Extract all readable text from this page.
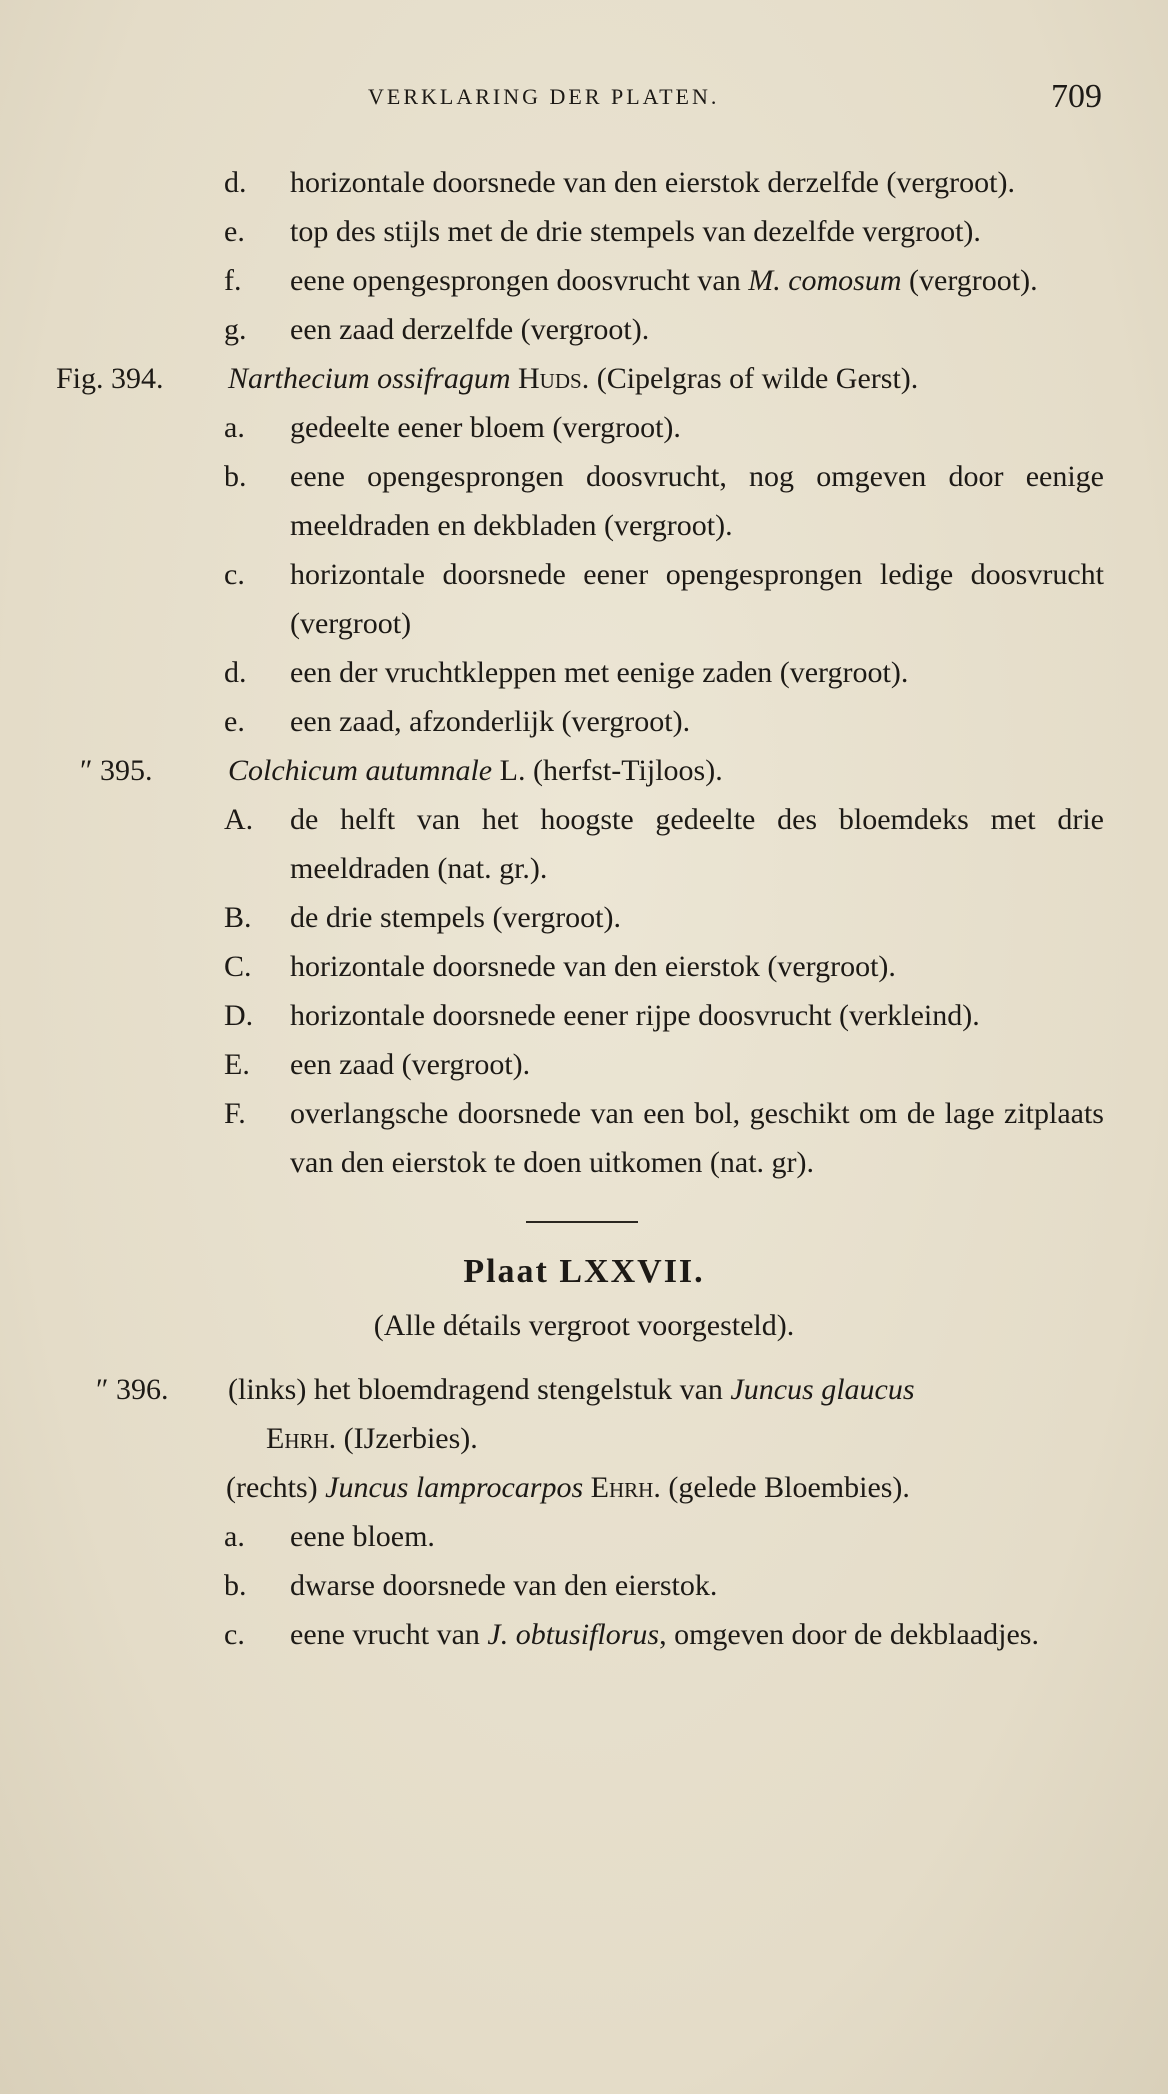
VERKLARING DER PLATEN.	709
d. horizontale doorsnede van den eierstok derzelfde (vergroot).
e. top des stijls met de drie stempels van dezelfde vergroot).
f. eene opengesprongen doosvrucht van M. comosum (vergroot).
g. een zaad derzelfde (vergroot).
Fig. 394. Narthecium ossifragum Huds. (Cipelgras of wilde Gerst).
a. gedeelte eener bloem (vergroot).
b. eene opengesprongen doosvrucht, nog omgeven door eenige meeldraden en dekbladen (vergroot).
c. horizontale doorsnede eener opengesprongen ledige doosvrucht (vergroot)
d. een der vruchtkleppen met eenige zaden (vergroot).
e. een zaad, afzonderlijk (vergroot).
″ 395.	Colchicum autumnale L. (herfst-Tijloos).
A. de helft van het hoogste gedeelte des bloemdeks met drie meeldraden (nat. gr.).
B. de drie stempels (vergroot).
C. horizontale doorsnede van den eierstok (vergroot).
D. horizontale doorsnede eener rijpe doosvrucht (verkleind).
E. een zaad (vergroot).
F. overlangsche doorsnede van een bol, geschikt om de lage zitplaats van den eierstok te doen uitkomen (nat. gr).
Plaat LXXVII.
(Alle détails vergroot voorgesteld).
″ 396. (links) het bloemdragend stengelstuk van Juncus glaucus
Ehrh. (IJzerbies).
(rechts) Juncus lamprocarpos Ehrh. (gelede Bloembies).
a. eene bloem.
b. dwarse doorsnede van den eierstok.
c. eene vrucht van J. obtusiflorus, omgeven door de dekblaadjes.
